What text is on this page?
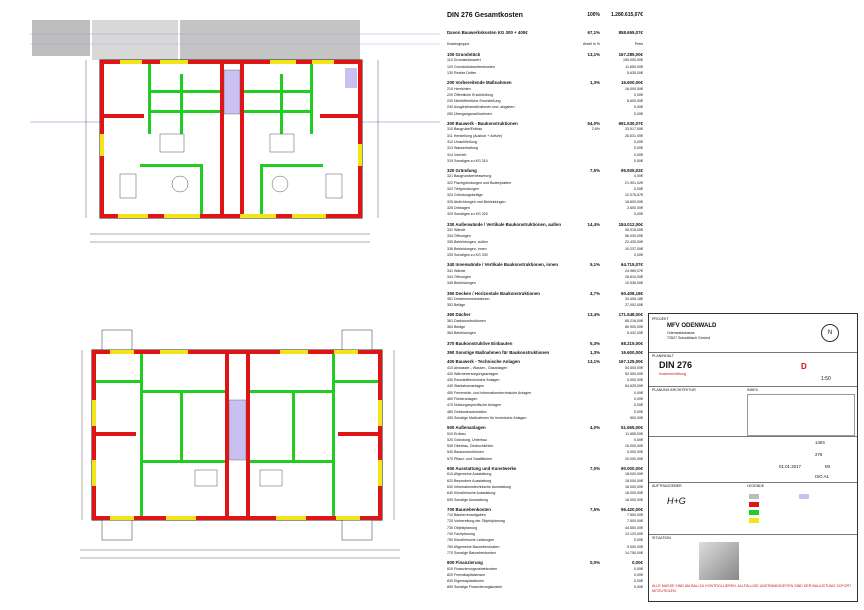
DIN 276 Gesamtkosten	100%	1.280.615,07€
Davon Bauwerkskosten KG 300 + 400€	67,1%	858.655,07€
Kostengruppe	Anteil in %	Preis
100 Grundstück	13,1%	167.285,00€
110 Grundstückswert	150.000,00€
120 Grundstücksnebenkosten	11.650,00€
130 Rechte Dritter	5.635,00€
200 Vorbereitende Maßnahmen	1,3%	16.600,00€
210 Herrichten	16.000,00€
220 Öffentliche Erschließung	0,00€
230 Nichtöffentliche Erschließung	8.600,00€
240 Ausgleichsmaßnahmen und -abgaben	0,00€
250 Übergangsmaßnahmen	0,00€
300 Bauwerk - Baukonstruktionen	54,0%	691.530,07€
310 Baugrube/Erdbau	2,6%	33.517,00€
311 Herstellung (Aushub + Abfuhr)	26.531,00€
312 Umschließung	0,00€
313 Wasserhaltung	0,00€
314 Vortrieb	0,00€
319 Sonstiges zu KG 310	0,00€
320 Gründung	7,5%	95.935,02€
321 Baugrundverbesserung	0,00€
322 Flachgründungen und Bodenplatten	21.901,02€
323 Tiefgründungen	0,00€
324 Gründungsbeläge	12.076,67€
325 Abdichtungen und Bekleidungen	18.600,00€
326 Dränagen	2.600,00€
329 Sonstiges zu KG 320	0,00€
330 Außenwände / Vertikale Baukonstruktionen, außen	14,4%	184.012,00€
331 Wände	95.315,00€
334 Öffnungen	56.030,00€
335 Bekleidungen, außen	22.430,00€
336 Bekleidungen, innen	10.237,00€
339 Sonstiges zu KG 330	0,00€
340 Innenwände / Vertikale Baukonstruktionen, innen	5,1%	64.715,07€
341 Wände	24.969,07€
344 Öffnungen	28.810,00€
345 Bekleidungen	10.936,00€
350 Decken / Horizontale Baukonstruktionen	4,7%	60.408,18€
351 Deckenkonstruktionen	33.406,18€
352 Beläge	27.002,00€
360 Dächer	13,4%	171.548,00€
361 Dachkonstruktionen	85.216,00€
363 Beläge	80.900,00€
364 Bekleidungen	5.432,00€
370 Baukonstruktive Einbauten	5,3%	68.215,00€
390 Sonstige Maßnahmen für Baukonstruktionen	1,3%	16.600,00€
400 Bauwerk - Technische Anlagen	13,1%	167.125,00€
410 Abwasser-, Wasser-, Gasanlagen	54.500,00€
420 Wärmeversorgungsanlagen	52.500,00€
430 Raumlufttechnische Anlagen	5.000,00€
440 Starkstromanlagen	54.625,00€
450 Fernmelde- und informationstechnische Anlagen	0,00€
460 Förderanlagen	0,00€
470 Nutzungsspezifische Anlagen	0,00€
480 Gebäudeautomation	0,00€
490 Sonstige Maßnahmen für technische Anlagen	500,00€
500 Außenanlagen	4,0%	51.655,00€
510 Erdbau	11.655,00€
520 Gründung, Unterbau	0,00€
530 Oberbau, Deckschichten	15.000,00€
540 Baukonstruktionen	5.000,00€
570 Pflanz- und Saatflächen	20.000,00€
600 Ausstattung und Kunstwerke	7,0%	90.000,00€
610 Allgemeine Ausstattung	18.000,00€
620 Besondere Ausstattung	18.000,00€
630 Informationstechnische Ausstattung	18.000,00€
640 Künstlerische Ausstattung	18.000,00€
690 Sonstige Ausstattung	18.000,00€
700 Baunebenkosten	7,5%	96.420,00€
710 Bauherrenaufgaben	7.500,00€
720 Vorbereitung der Objektplanung	7.500,00€
730 Objektplanung	44.550,00€
740 Fachplanung	13.120,00€
750 Künstlerische Leistungen	0,00€
760 Allgemeine Baunebenkosten	9.000,00€
770 Sonstige Baunebenkosten	14.750,00€
800 Finanzierung	0,0%	0,00€
810 Finanzierungsnebenkosten	0,00€
820 Fremdkapitalzinsen	0,00€
830 Eigenkapitalzinsen	0,00€
890 Sonstige Finanzierungskosten	0,00€
PROJEKT
MFV ODENWALD
Odenwaldstrasse
73527 Schwäbisch Gmünd
N
PLANINHALT
DIN 276
Kostenermittlung
D
1:50
PLANUNG ARCHITEKTUR	INDEX
1404
276
01.01.2017	MI
ISO A1
AUFTRAGGEBER	LEGENDE
H+G
SITUATION
ALLE MASSE SIND AM BAU ZU KONTROLLIEREN. ALLFÄLLIGE UNSTIMMIGKEITEN SIND DER BAULEITUNG SOFORT MITZUTEILEN.
